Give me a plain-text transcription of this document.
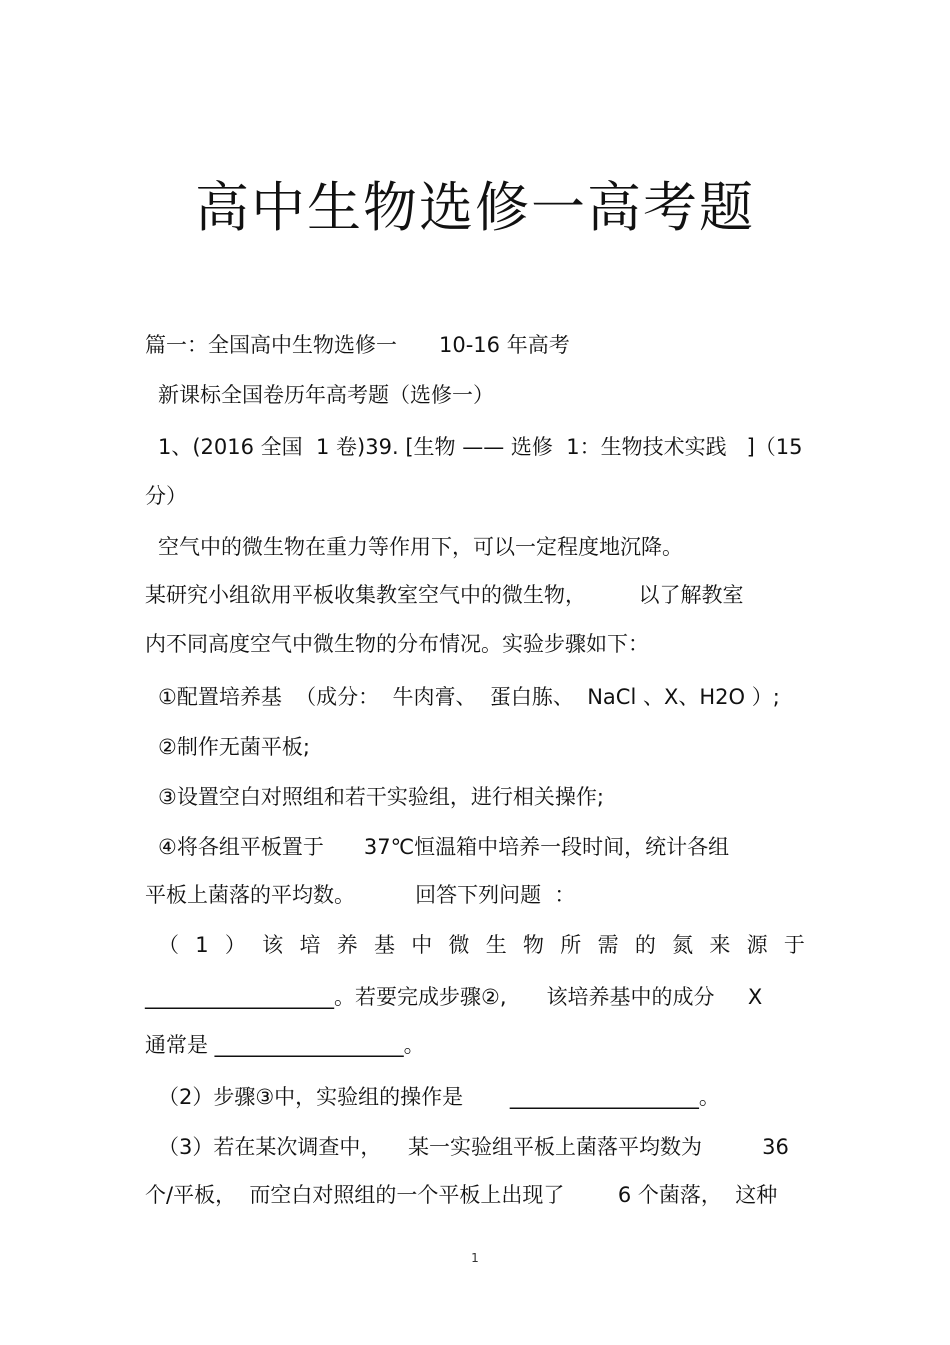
高中生物选修一高考题
篇一：全国高中生物选修一　　10-16 年高考
新课标全国卷历年高考题（选修一）
1、(2016 全国  1 卷)39. [生物 —— 选修  1：生物技术实践   ]（15
分）
空气中的微生物在重力等作用下，可以一定程度地沉降。
某研究小组欲用平板收集教室空气中的微生物，　　　以了解教室
内不同高度空气中微生物的分布情况。实验步骤如下：
①配置培养基  （成分：  牛肉膏、  蛋白胨、  NaCl 、X、H2O ）;
②制作无菌平板;
③设置空白对照组和若干实验组，进行相关操作;
④将各组平板置于      37℃恒温箱中培养一段时间，统计各组
平板上菌落的平均数。         回答下列问题  ：
（ 1 ） 该 培 养 基 中 微 生 物 所 需 的 氮 来 源 于
__________________。若要完成步骤②,      该培养基中的成分     X
通常是 __________________。
（2）步骤③中，实验组的操作是       __________________。
（3）若在某次调查中，    某一实验组平板上菌落平均数为         36
个/平板，  而空白对照组的一个平板上出现了        6 个菌落，  这种
1
